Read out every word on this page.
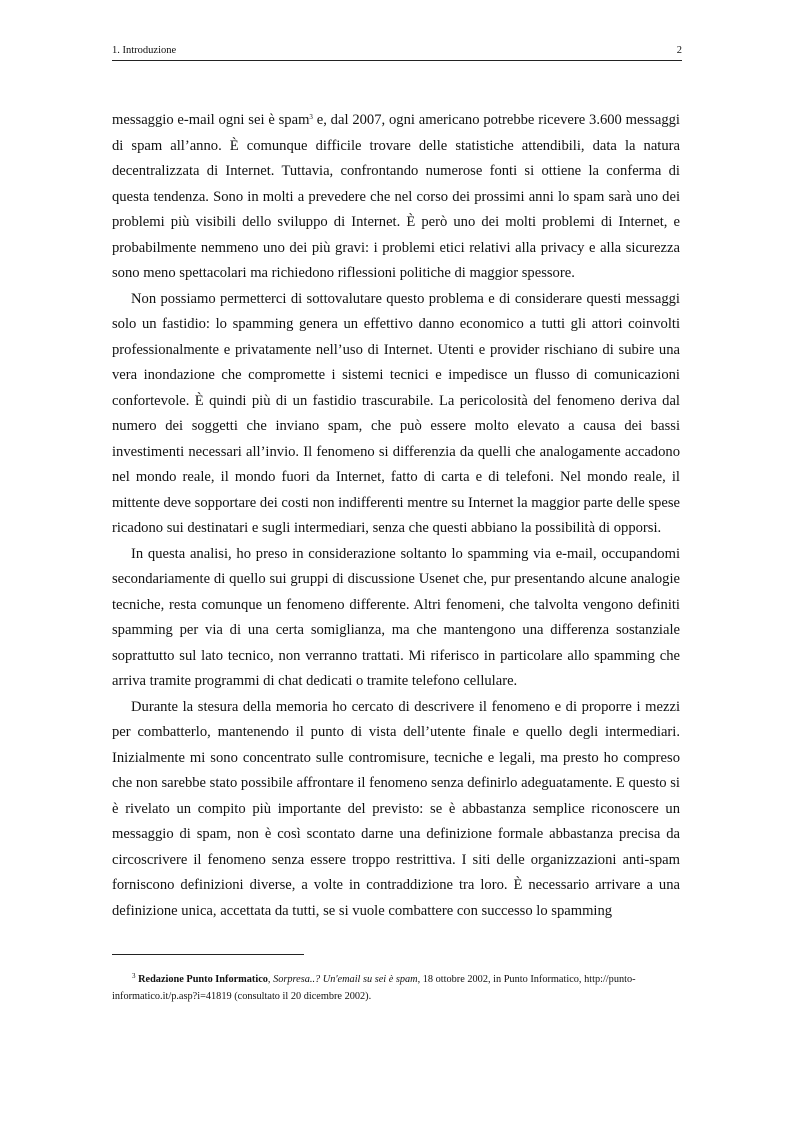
1. Introduzione	2

messaggio e-mail ogni sei è spam$^3$ e, dal 2007, ogni americano potrebbe ricevere 3.600 messaggi di spam all’anno. È comunque difficile trovare delle statistiche attendibili, data la natura decentralizzata di Internet. Tuttavia, confrontando numerose fonti si ottiene la conferma di questa tendenza. Sono in molti a prevedere che nel corso dei prossimi anni lo spam sarà uno dei problemi più visibili dello sviluppo di Internet. È però uno dei molti problemi di Internet, e probabilmente nemmeno uno dei più gravi: i problemi etici relativi alla privacy e alla sicurezza sono meno spettacolari ma richiedono riflessioni politiche di maggior spessore.

Non possiamo permetterci di sottovalutare questo problema e di considerare questi messaggi solo un fastidio: lo spamming genera un effettivo danno economico a tutti gli attori coinvolti professionalmente e privatamente nell’uso di Internet. Utenti e provider rischiano di subire una vera inondazione che compromette i sistemi tecnici e impedisce un flusso di comunicazioni confortevole. È quindi più di un fastidio trascurabile. La pericolosità del fenomeno deriva dal numero dei soggetti che inviano spam, che può essere molto elevato a causa dei bassi investimenti necessari all’invio. Il fenomeno si differenzia da quelli che analogamente accadono nel mondo reale, il mondo fuori da Internet, fatto di carta e di telefoni. Nel mondo reale, il mittente deve sopportare dei costi non indifferenti mentre su Internet la maggior parte delle spese ricadono sui destinatari e sugli intermediari, senza che questi abbiano la possibilità di opporsi.

In questa analisi, ho preso in considerazione soltanto lo spamming via e-mail, occupandomi secondariamente di quello sui gruppi di discussione Usenet che, pur presentando alcune analogie tecniche, resta comunque un fenomeno differente. Altri fenomeni, che talvolta vengono definiti spamming per via di una certa somiglianza, ma che mantengono una differenza sostanziale soprattutto sul lato tecnico, non verranno trattati. Mi riferisco in particolare allo spamming che arriva tramite programmi di chat dedicati o tramite telefono cellulare.

Durante la stesura della memoria ho cercato di descrivere il fenomeno e di proporre i mezzi per combatterlo, mantenendo il punto di vista dell’utente finale e quello degli intermediari. Inizialmente mi sono concentrato sulle contromisure, tecniche e legali, ma presto ho compreso che non sarebbe stato possibile affrontare il fenomeno senza definirlo adeguatamente. E questo si è rivelato un compito più importante del previsto: se è abbastanza semplice riconoscere un messaggio di spam, non è così scontato darne una definizione formale abbastanza precisa da circoscrivere il fenomeno senza essere troppo restrittiva. I siti delle organizzazioni anti-spam forniscono definizioni diverse, a volte in contraddizione tra loro. È necessario arrivare a una definizione unica, accettata da tutti, se si vuole combattere con successo lo spamming

$^3$ Redazione Punto Informatico, Sorpresa..? Un'email su sei è spam, 18 ottobre 2002, in Punto Informatico, http://punto-informatico.it/p.asp?i=41819 (consultato il 20 dicembre 2002).
